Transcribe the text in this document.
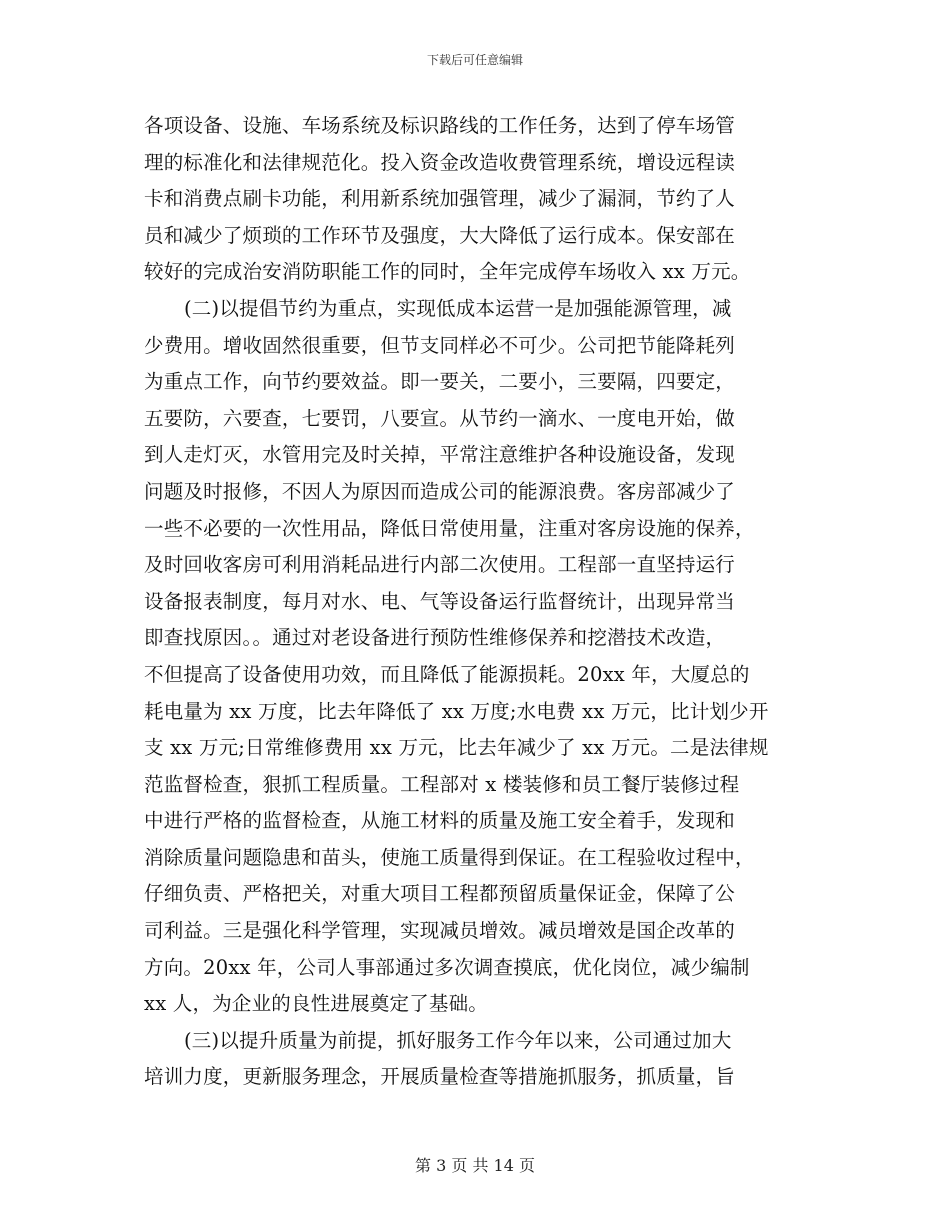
下载后可任意编辑
各项设备、设施、车场系统及标识路线的工作任务，达到了停车场管
理的标准化和法律规范化。投入资金改造收费管理系统，增设远程读
卡和消费点刷卡功能，利用新系统加强管理，减少了漏洞，节约了人
员和减少了烦琐的工作环节及强度，大大降低了运行成本。保安部在
较好的完成治安消防职能工作的同时，全年完成停车场收入 xx 万元。
(二)以提倡节约为重点，实现低成本运营一是加强能源管理，减
少费用。增收固然很重要，但节支同样必不可少。公司把节能降耗列
为重点工作，向节约要效益。即一要关，二要小，三要隔，四要定，
五要防，六要查，七要罚，八要宣。从节约一滴水、一度电开始，做
到人走灯灭，水管用完及时关掉，平常注意维护各种设施设备，发现
问题及时报修，不因人为原因而造成公司的能源浪费。客房部减少了
一些不必要的一次性用品，降低日常使用量，注重对客房设施的保养，
及时回收客房可利用消耗品进行内部二次使用。工程部一直坚持运行
设备报表制度，每月对水、电、气等设备运行监督统计，出现异常当
即查找原因。。通过对老设备进行预防性维修保养和挖潜技术改造，
不但提高了设备使用功效，而且降低了能源损耗。20xx 年，大厦总的
耗电量为 xx 万度，比去年降低了 xx 万度;水电费 xx 万元，比计划少开
支 xx 万元;日常维修费用 xx 万元，比去年减少了 xx 万元。二是法律规
范监督检查，狠抓工程质量。工程部对 x 楼装修和员工餐厅装修过程
中进行严格的监督检查，从施工材料的质量及施工安全着手，发现和
消除质量问题隐患和苗头，使施工质量得到保证。在工程验收过程中，
仔细负责、严格把关，对重大项目工程都预留质量保证金，保障了公
司利益。三是强化科学管理，实现减员增效。减员增效是国企改革的
方向。20xx 年，公司人事部通过多次调查摸底，优化岗位，减少编制
xx 人，为企业的良性进展奠定了基础。
(三)以提升质量为前提，抓好服务工作今年以来，公司通过加大
培训力度，更新服务理念，开展质量检查等措施抓服务，抓质量，旨
第 3 页 共 14 页
